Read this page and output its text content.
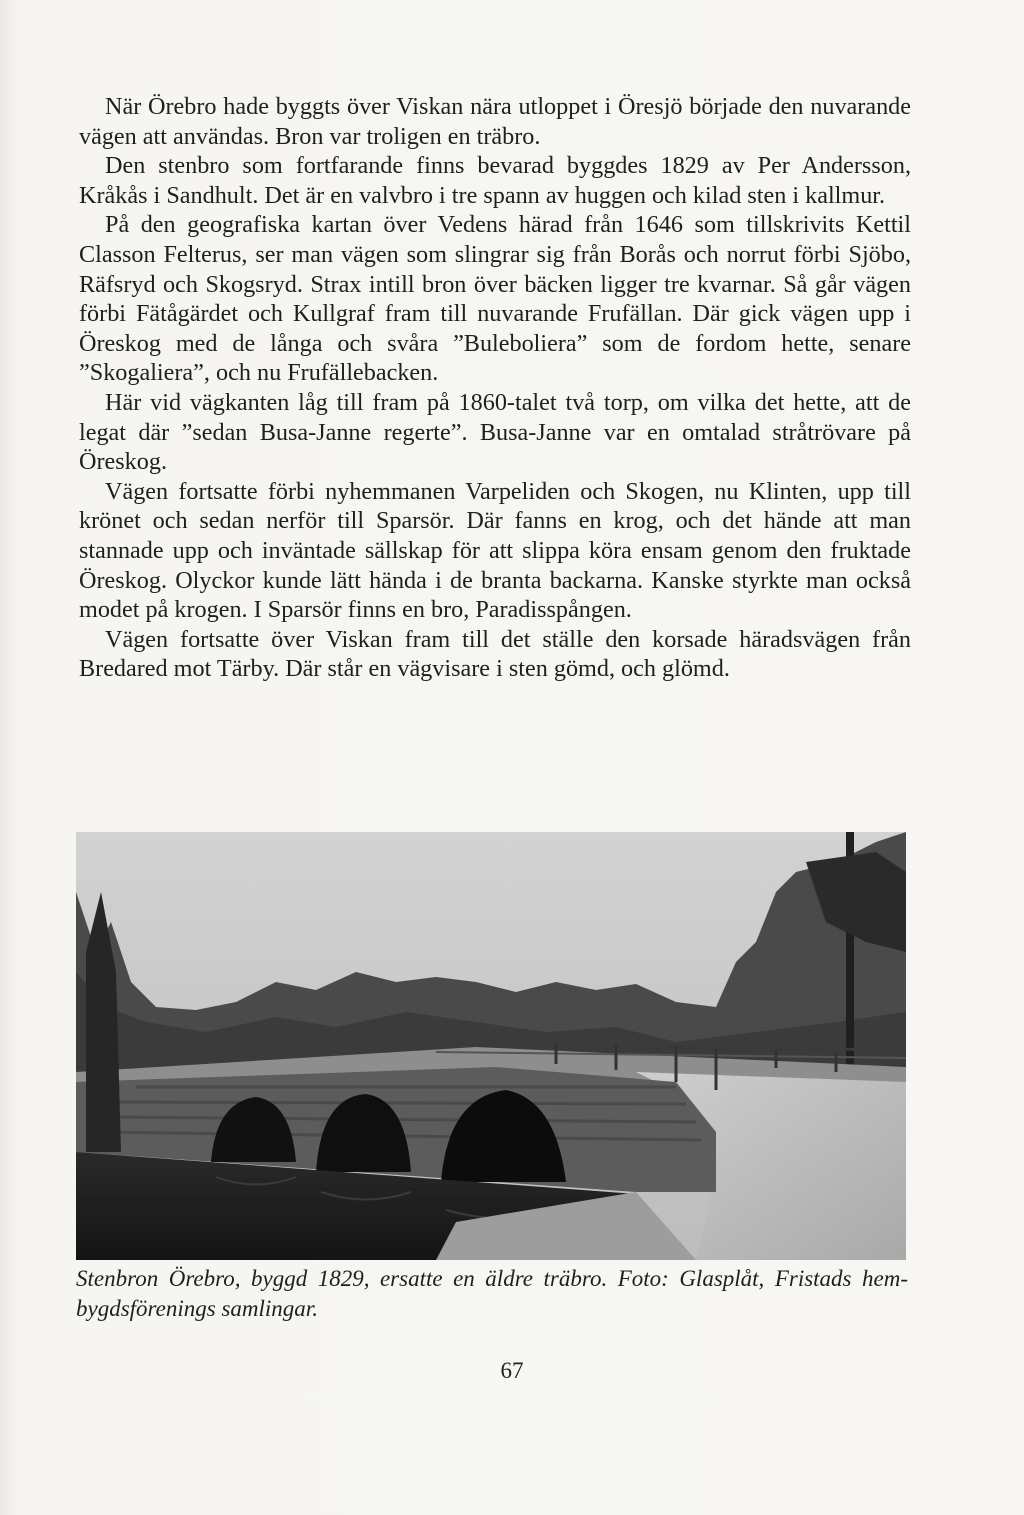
När Örebro hade byggts över Viskan nära utloppet i Öresjö började den nuvarande vägen att användas. Bron var troligen en träbro.

Den stenbro som fortfarande finns bevarad byggdes 1829 av Per Andersson, Kråkås i Sandhult. Det är en valvbro i tre spann av huggen och kilad sten i kallmur.

På den geografiska kartan över Vedens härad från 1646 som tillskrivits Kettil Classon Felterus, ser man vägen som slingrar sig från Borås och norrut förbi Sjöbo, Räfsryd och Skogsryd. Strax intill bron över bäcken ligger tre kvarnar. Så går vägen förbi Fätågärdet och Kullgraf fram till nuvarande Frufällan. Där gick vägen upp i Öreskog med de långa och svåra ”Buleboliera” som de fordom hette, senare ”Skogaliera”, och nu Frufällebacken.

Här vid vägkanten låg till fram på 1860-talet två torp, om vilka det hette, att de legat där ”sedan Busa-Janne regerte”. Busa-Janne var en omtalad stråtrövare på Öreskog.

Vägen fortsatte förbi nyhemmanen Varpeliden och Skogen, nu Klinten, upp till krönet och sedan nerför till Sparsör. Där fanns en krog, och det hände att man stannade upp och inväntade sällskap för att slippa köra ensam genom den fruktade Öreskog. Olyckor kunde lätt hända i de branta backarna. Kanske styrkte man också modet på krogen. I Sparsör finns en bro, Paradisspången.

Vägen fortsatte över Viskan fram till det ställe den korsade häradsvägen från Bredared mot Tärby. Där står en vägvisare i sten gömd, och glömd.

Stenbron Örebro, byggd 1829, ersatte en äldre träbro. Foto: Glasplåt, Fristads hembygdsförenings samlingar.
67
